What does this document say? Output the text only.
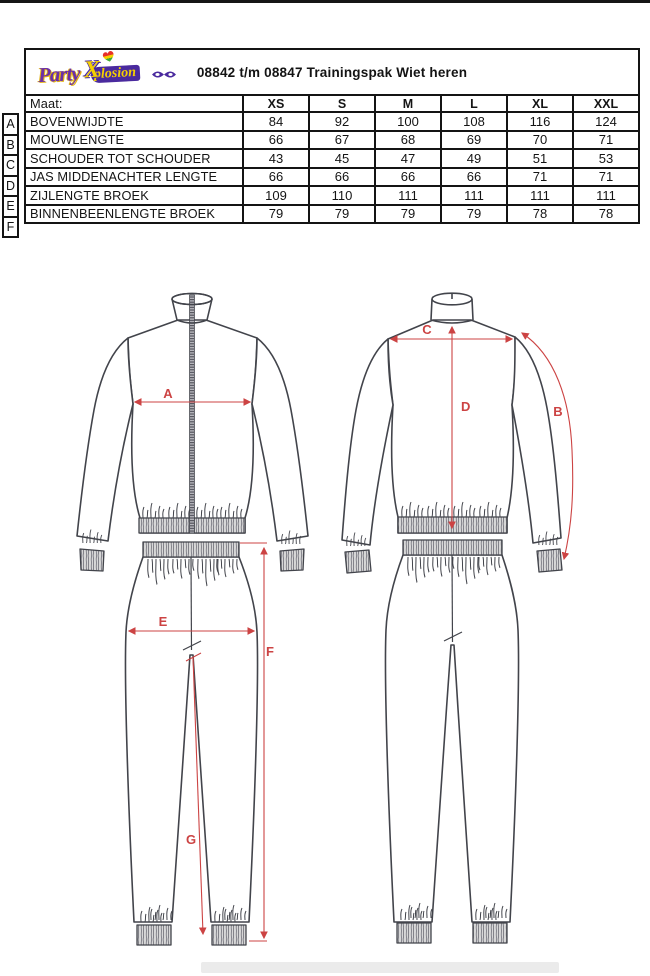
A
B
C
D
E
F
G
Party X
plosion	08842 t/m 08847 Trainingspak Wiet heren
Maat:	XS	S	M	L	XL	XXL
BOVENWIJDTE	84	92	100	108	116	124
MOUWLENGTE	66	67	68	69	70	71
SCHOUDER TOT SCHOUDER	43	45	47	49	51	53
JAS MIDDENACHTER LENGTE	66	66	66	66	71	71
ZIJLENGTE BROEK	109	110	111	111	111	111
BINNENBEENLENGTE BROEK	79	79	79	79	78	78
A
B
C
D
E
F
